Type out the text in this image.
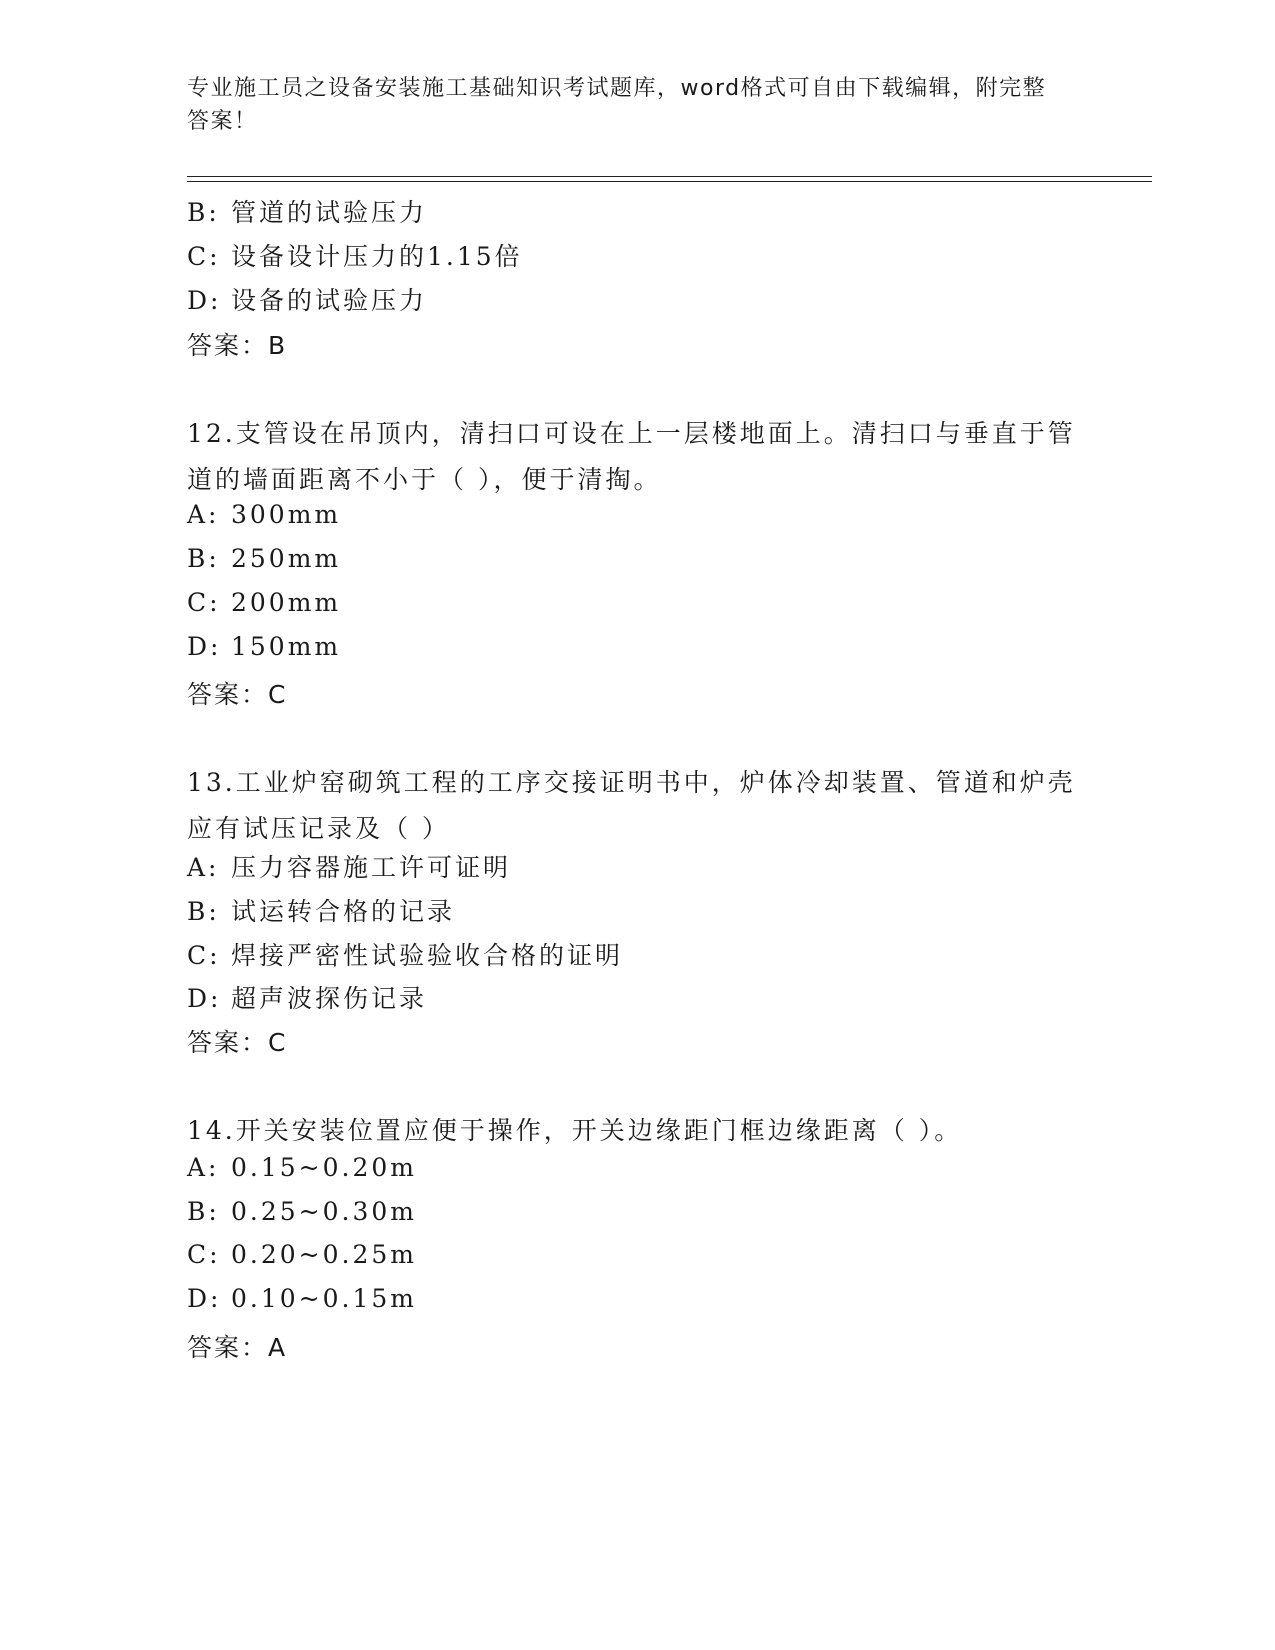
专业施工员之设备安装施工基础知识考试题库，word格式可自由下载编辑，附完整答案！
B: 管道的试验压力
C: 设备设计压力的1.15倍
D: 设备的试验压力
答案：B
12.支管设在吊顶内，清扫口可设在上一层楼地面上。清扫口与垂直于管道的墙面距离不小于（ ），便于清掏。
A: 300mm
B: 250mm
C: 200mm
D: 150mm
答案：C
13.工业炉窑砌筑工程的工序交接证明书中，炉体冷却装置、管道和炉壳应有试压记录及（ ）
A: 压力容器施工许可证明
B: 试运转合格的记录
C: 焊接严密性试验验收合格的证明
D: 超声波探伤记录
答案：C
14.开关安装位置应便于操作，开关边缘距门框边缘距离（ ）。
A: 0.15~0.20m
B: 0.25~0.30m
C: 0.20~0.25m
D: 0.10~0.15m
答案：A
